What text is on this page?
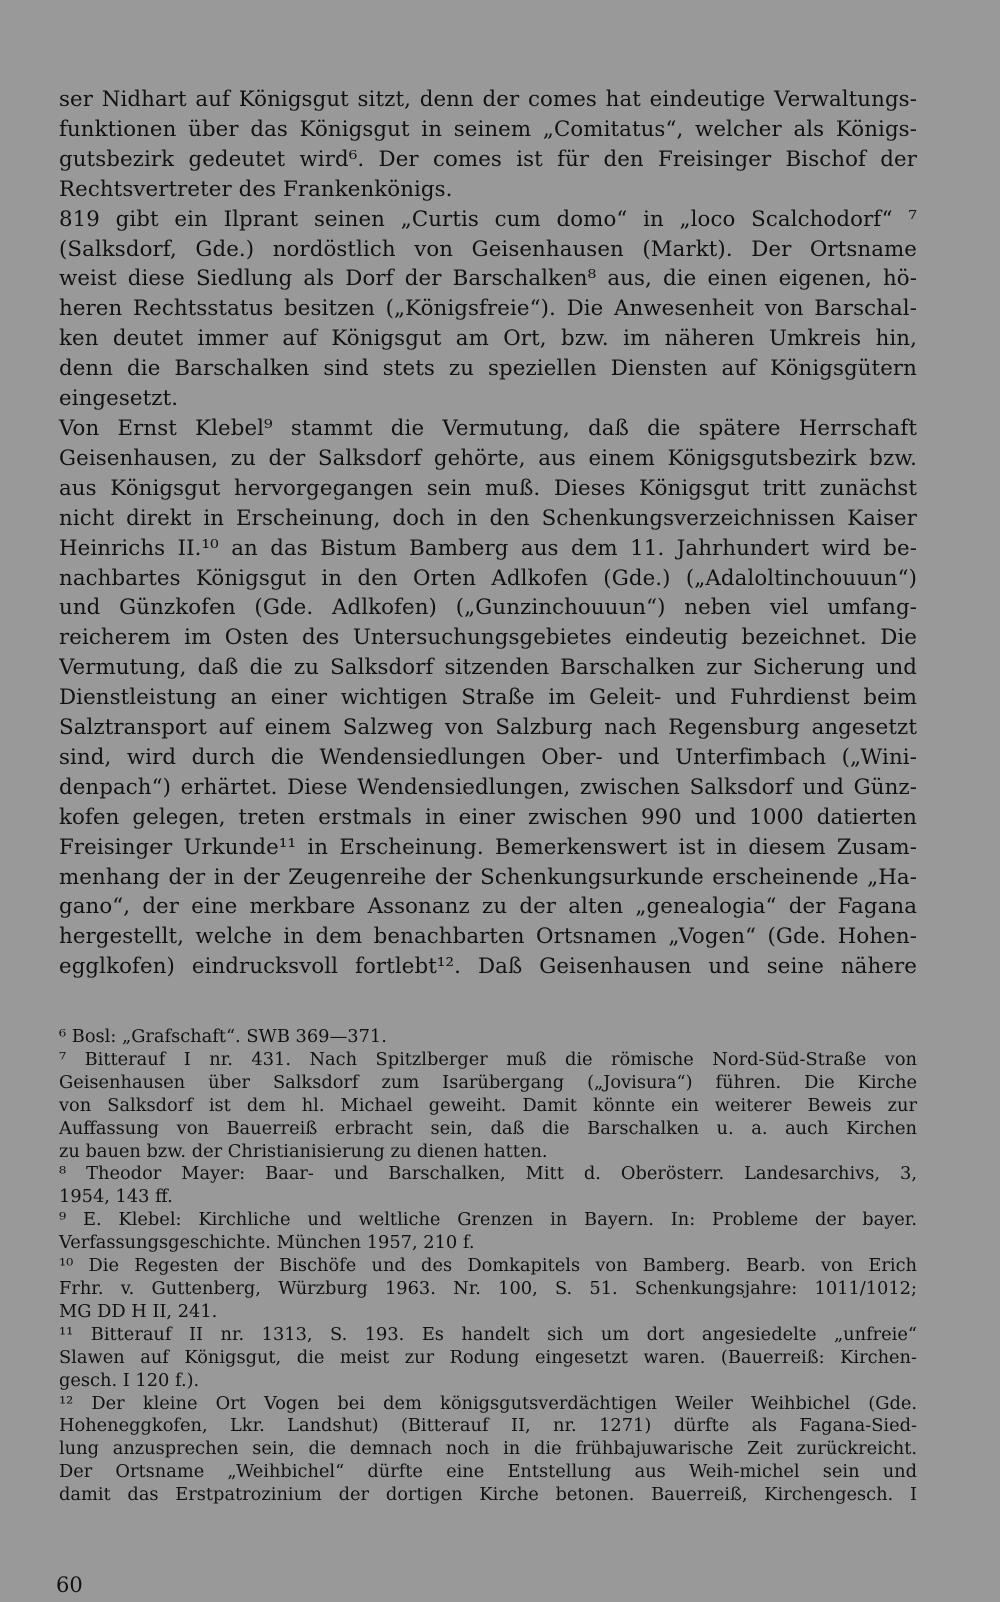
ser Nidhart auf Königsgut sitzt, denn der comes hat eindeutige Verwaltungs-
funktionen über das Königsgut in seinem „Comitatus“, welcher als Königs-
gutsbezirk gedeutet wird⁶. Der comes ist für den Freisinger Bischof der
Rechtsvertreter des Frankenkönigs.
819 gibt ein Ilprant seinen „Curtis cum domo“ in „loco Scalchodorf“ ⁷
(Salksdorf, Gde.) nordöstlich von Geisenhausen (Markt). Der Ortsname
weist diese Siedlung als Dorf der Barschalken⁸ aus, die einen eigenen, hö-
heren Rechtsstatus besitzen („Königsfreie“). Die Anwesenheit von Barschal-
ken deutet immer auf Königsgut am Ort, bzw. im näheren Umkreis hin,
denn die Barschalken sind stets zu speziellen Diensten auf Königsgütern
eingesetzt.
Von Ernst Klebel⁹ stammt die Vermutung, daß die spätere Herrschaft
Geisenhausen, zu der Salksdorf gehörte, aus einem Königsgutsbezirk bzw.
aus Königsgut hervorgegangen sein muß. Dieses Königsgut tritt zunächst
nicht direkt in Erscheinung, doch in den Schenkungsverzeichnissen Kaiser
Heinrichs II.¹⁰ an das Bistum Bamberg aus dem 11. Jahrhundert wird be-
nachbartes Königsgut in den Orten Adlkofen (Gde.) („Adaloltinchouuun“)
und Günzkofen (Gde. Adlkofen) („Gunzinchouuun“) neben viel umfang-
reicherem im Osten des Untersuchungsgebietes eindeutig bezeichnet. Die
Vermutung, daß die zu Salksdorf sitzenden Barschalken zur Sicherung und
Dienstleistung an einer wichtigen Straße im Geleit- und Fuhrdienst beim
Salztransport auf einem Salzweg von Salzburg nach Regensburg angesetzt
sind, wird durch die Wendensiedlungen Ober- und Unterfimbach („Wini-
denpach“) erhärtet. Diese Wendensiedlungen, zwischen Salksdorf und Günz-
kofen gelegen, treten erstmals in einer zwischen 990 und 1000 datierten
Freisinger Urkunde¹¹ in Erscheinung. Bemerkenswert ist in diesem Zusam-
menhang der in der Zeugenreihe der Schenkungsurkunde erscheinende „Ha-
gano“, der eine merkbare Assonanz zu der alten „genealogia“ der Fagana
hergestellt, welche in dem benachbarten Ortsnamen „Vogen“ (Gde. Hohen-
egglkofen) eindrucksvoll fortlebt¹². Daß Geisenhausen und seine nähere
⁶ Bosl: „Grafschaft“. SWB 369—371.
⁷ Bitterauf I nr. 431. Nach Spitzlberger muß die römische Nord-Süd-Straße von
Geisenhausen über Salksdorf zum Isarübergang („Jovisura“) führen. Die Kirche
von Salksdorf ist dem hl. Michael geweiht. Damit könnte ein weiterer Beweis zur
Auffassung von Bauerreiß erbracht sein, daß die Barschalken u. a. auch Kirchen
zu bauen bzw. der Christianisierung zu dienen hatten.
⁸ Theodor Mayer: Baar- und Barschalken, Mitt d. Oberösterr. Landesarchivs, 3,
1954, 143 ff.
⁹ E. Klebel: Kirchliche und weltliche Grenzen in Bayern. In: Probleme der bayer.
Verfassungsgeschichte. München 1957, 210 f.
¹⁰ Die Regesten der Bischöfe und des Domkapitels von Bamberg. Bearb. von Erich
Frhr. v. Guttenberg, Würzburg 1963. Nr. 100, S. 51. Schenkungsjahre: 1011/1012;
MG DD H II, 241.
¹¹ Bitterauf II nr. 1313, S. 193. Es handelt sich um dort angesiedelte „unfreie“
Slawen auf Königsgut, die meist zur Rodung eingesetzt waren. (Bauerreiß: Kirchen-
gesch. I 120 f.).
¹² Der kleine Ort Vogen bei dem königsgutsverdächtigen Weiler Weihbichel (Gde.
Hoheneggkofen, Lkr. Landshut) (Bitterauf II, nr. 1271) dürfte als Fagana-Sied-
lung anzusprechen sein, die demnach noch in die frühbajuwarische Zeit zurückreicht.
Der Ortsname „Weihbichel“ dürfte eine Entstellung aus Weih-michel sein und
damit das Erstpatrozinium der dortigen Kirche betonen. Bauerreiß, Kirchengesch. I
60
